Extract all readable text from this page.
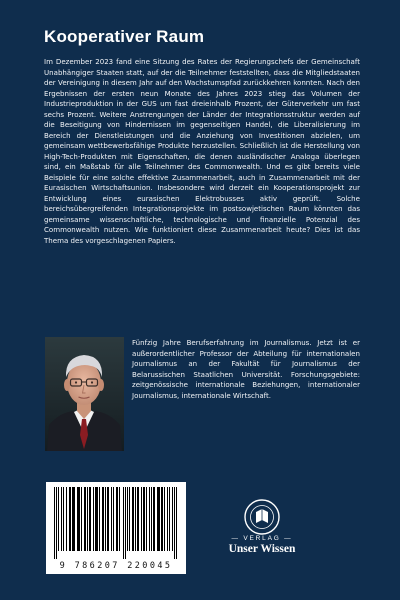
Kooperativer Raum

Im Dezember 2023 fand eine Sitzung des Rates der Regierungschefs der Gemeinschaft Unabhängiger Staaten statt, auf der die Teilnehmer feststellten, dass die Mitgliedstaaten der Vereinigung in diesem Jahr auf den Wachstumspfad zurückkehren konnten. Nach den Ergebnissen der ersten neun Monate des Jahres 2023 stieg das Volumen der Industrieproduktion in der GUS um fast dreieinhalb Prozent, der Güterverkehr um fast sechs Prozent. Weitere Anstrengungen der Länder der Integrationsstruktur werden auf die Beseitigung von Hindernissen im gegenseitigen Handel, die Liberalisierung im Bereich der Dienstleistungen und die Anziehung von Investitionen abzielen, um gemeinsam wettbewerbsfähige Produkte herzustellen. Schließlich ist die Herstellung von High-Tech-Produkten mit Eigenschaften, die denen ausländischer Analoga überlegen sind, ein Maßstab für alle Teilnehmer des Commonwealth. Und es gibt bereits viele Beispiele für eine solche effektive Zusammenarbeit, auch in Zusammenarbeit mit der Eurasischen Wirtschaftsunion. Insbesondere wird derzeit ein Kooperationsprojekt zur Entwicklung eines eurasischen Elektrobusses aktiv geprüft. Solche bereichsübergreifenden Integrationsprojekte im postsowjetischen Raum könnten das gemeinsame wissenschaftliche, technologische und finanzielle Potenzial des Commonwealth nutzen. Wie funktioniert diese Zusammenarbeit heute? Dies ist das Thema des vorgeschlagenen Papiers.

Fünfzig Jahre Berufserfahrung im Journalismus. Jetzt ist er außerordentlicher Professor der Abteilung für internationalen Journalismus an der Fakultät für Journalismus der Belarussischen Staatlichen Universität. Forschungsgebiete: zeitgenössische internationale Beziehungen, internationaler Journalismus, internationale Wirtschaft.

9 786207 220045
— VERLAG —
Unser Wissen
